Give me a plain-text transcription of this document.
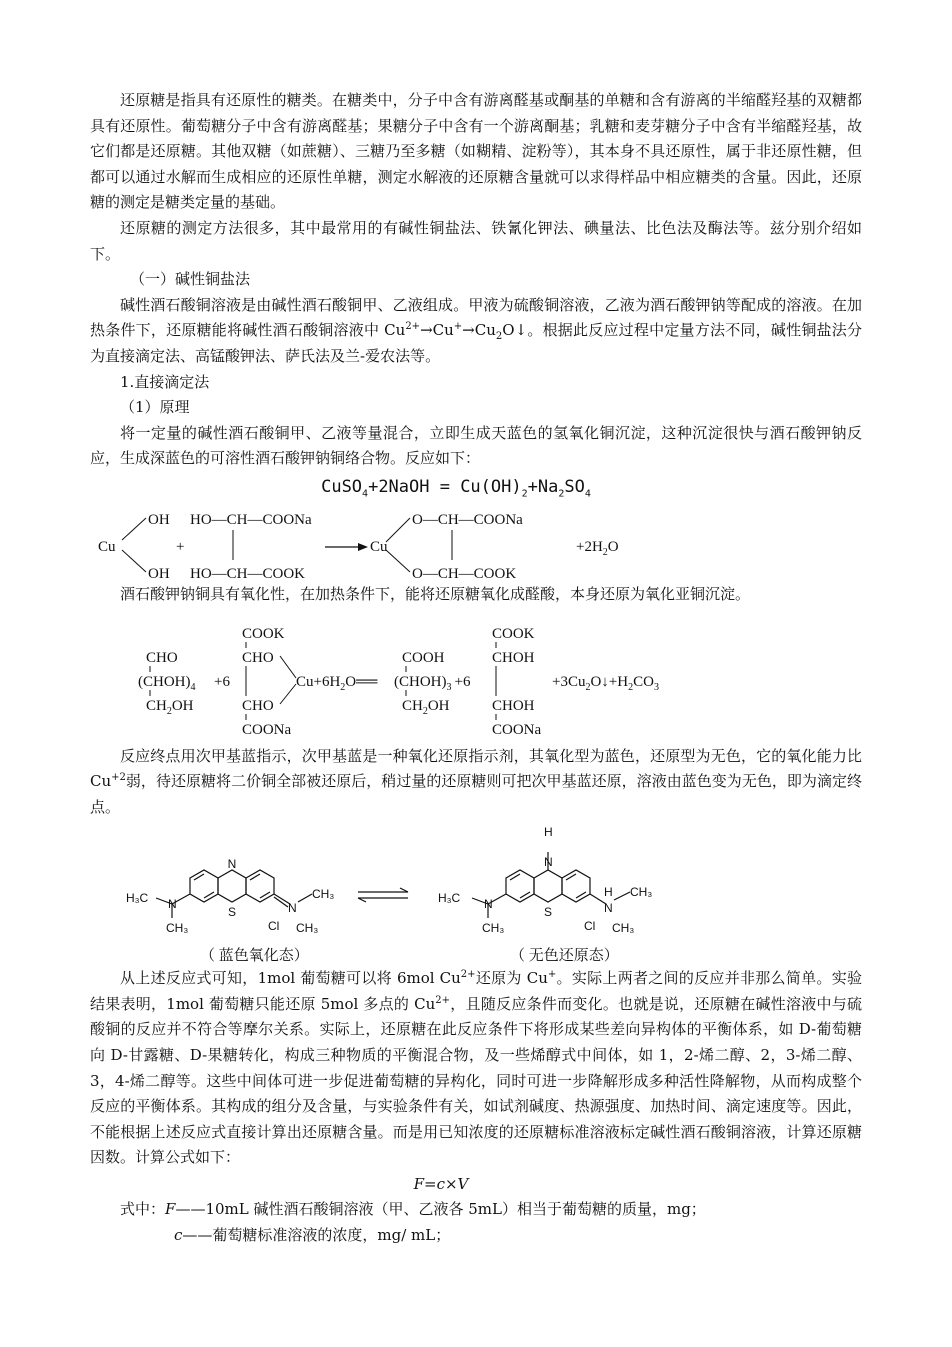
还原糖是指具有还原性的糖类。在糖类中，分子中含有游离醛基或酮基的单糖和含有游离的半缩醛羟基的双糖都具有还原性。葡萄糖分子中含有游离醛基；果糖分子中含有一个游离酮基；乳糖和麦芽糖分子中含有半缩醛羟基，故它们都是还原糖。其他双糖（如蔗糖）、三糖乃至多糖（如糊精、淀粉等），其本身不具还原性，属于非还原性糖，但都可以通过水解而生成相应的还原性单糖，测定水解液的还原糖含量就可以求得样品中相应糖类的含量。因此，还原糖的测定是糖类定量的基础。

还原糖的测定方法很多，其中最常用的有碱性铜盐法、铁氰化钾法、碘量法、比色法及酶法等。兹分别介绍如下。

（一）碱性铜盐法

碱性酒石酸铜溶液是由碱性酒石酸铜甲、乙液组成。甲液为硫酸铜溶液，乙液为酒石酸钾钠等配成的溶液。在加热条件下，还原糖能将碱性酒石酸铜溶液中 $Cu^{2+}\to Cu^+\to Cu_2O↓$。根据此反应过程中定量方法不同，碱性铜盐法分为直接滴定法、高锰酸钾法、萨氏法及兰-爱农法等。

1.直接滴定法

（1）原理

将一定量的碱性酒石酸铜甲、乙液等量混合，立即生成天蓝色的氢氧化铜沉淀，这种沉淀很快与酒石酸钾钠反应，生成深蓝色的可溶性酒石酸钾钠铜络合物。反应如下：

CuSO$_4$+2NaOH = $Cu(OH)_2+Na_2SO_4$

Cu
OH
OH
+
HO—CH—COONa
HO—CH—COOK
Cu
O—CH—COONa
O—CH—COOK
$+2H_2O$

酒石酸钾钠铜具有氧化性，在加热条件下，能将还原糖氧化成醛酸，本身还原为氧化亚铜沉淀。

CHO
$(CHOH)_4$
$CH_2OH$
+6
COOK
CHO
CHO
COONa
$Cu+6H_2O══$
COOH
$(CHOH)_3 +6$
$CH_2OH$
COOK
CHOH
CHOH
COONa
$+3Cu_2O↓+H_2CO_3$

反应终点用次甲基蓝指示，次甲基蓝是一种氧化还原指示剂，其氧化型为蓝色，还原型为无色，它的氧化能力比 $Cu^{+2}$弱，待还原糖将二价铜全部被还原后，稍过量的还原糖则可把次甲基蓝还原，溶液由蓝色变为无色，即为滴定终点。

N
S
H₃C N
CH₃
N
CH₃
Cl CH₃
H
N
S
H₃C N
CH₃
H
N
CH₃
Cl CH₃
（ 蓝色氧化态）	（ 无色还原态）

从上述反应式可知，1mol 葡萄糖可以将 6mol $Cu^{2+}$还原为 Cu+。实际上两者之间的反应并非那么简单。实验结果表明，1mol 葡萄糖只能还原 5mol 多点的 $Cu^{2+}$，且随反应条件而变化。也就是说，还原糖在碱性溶液中与硫酸铜的反应并不符合等摩尔关系。实际上，还原糖在此反应条件下将形成某些差向异构体的平衡体系，如 D-葡萄糖向 D-甘露糖、D-果糖转化，构成三种物质的平衡混合物，及一些烯醇式中间体，如 1，2-烯二醇、2，3-烯二醇、3，4-烯二醇等。这些中间体可进一步促进葡萄糖的异构化，同时可进一步降解形成多种活性降解物，从而构成整个反应的平衡体系。其构成的组分及含量，与实验条件有关，如试剂碱度、热源强度、加热时间、滴定速度等。因此，不能根据上述反应式直接计算出还原糖含量。而是用已知浓度的还原糖标准溶液标定碱性酒石酸铜溶液，计算还原糖因数。计算公式如下：

F=c×V

式中：F——10mL 碱性酒石酸铜溶液（甲、乙液各 5mL）相当于葡萄糖的质量，mg；

c——葡萄糖标准溶液的浓度，mg/ mL；
